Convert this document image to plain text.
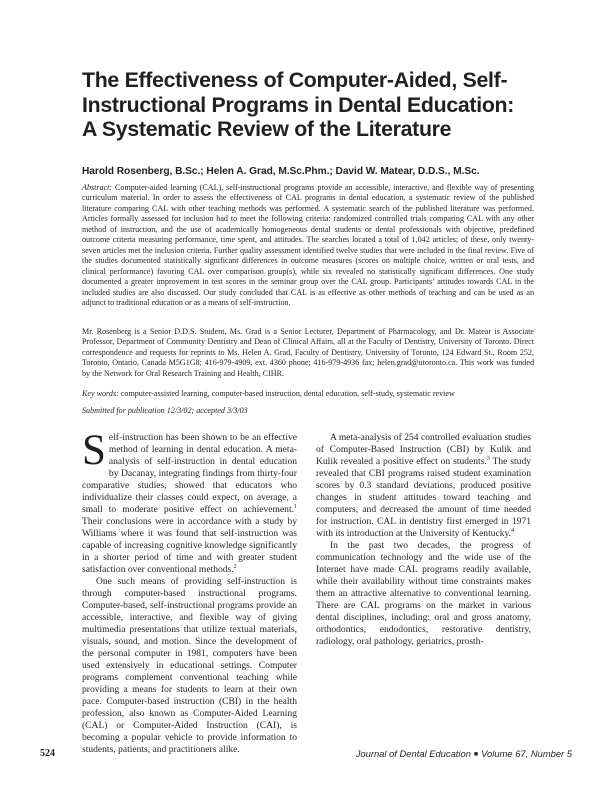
The Effectiveness of Computer-Aided, Self-
Instructional Programs in Dental Education:
A Systematic Review of the Literature

Harold Rosenberg, B.Sc.; Helen A. Grad, M.Sc.Phm.; David W. Matear, D.D.S., M.Sc.

Abstract: Computer-aided learning (CAL), self-instructional programs provide an accessible, interactive, and flexible way of presenting curriculum material. In order to assess the effectiveness of CAL programs in dental education, a systematic review of the published literature comparing CAL with other teaching methods was performed. A systematic search of the published literature was performed. Articles formally assessed for inclusion had to meet the following criteria: randomized controlled trials comparing CAL with any other method of instruction, and the use of academically homogeneous dental students or dental professionals with objective, predefined outcome criteria measuring performance, time spent, and attitudes. The searches located a total of 1,042 articles; of these, only twenty-seven articles met the inclusion criteria. Further quality assessment identified twelve studies that were included in the final review. Five of the studies documented statistically significant differences in outcome measures (scores on multiple choice, written or oral tests, and clinical performance) favoring CAL over comparison group(s), while six revealed no statistically significant differences. One study documented a greater improvement in test scores in the seminar group over the CAL group. Participants’ attitudes towards CAL in the included studies are also discussed. Our study concluded that CAL is as effective as other methods of teaching and can be used as an adjunct to traditional education or as a means of self-instruction.

Mr. Rosenberg is a Senior D.D.S. Student, Ms. Grad is a Senior Lecturer, Department of Pharmacology, and Dr. Matear is Associate Professor, Department of Community Dentistry and Dean of Clinical Affairs, all at the Faculty of Dentistry, University of Toronto. Direct correspondence and requests for reprints to Ms. Helen A. Grad, Faculty of Dentistry, University of Toronto, 124 Edward St., Room 252, Toronto, Ontario, Canada M5G1G8; 416-979-4909, ext. 4360 phone; 416-979-4936 fax; helen.grad@utoronto.ca. This work was funded by the Network for Oral Research Training and Health, CIHR.

Key words: computer-assisted learning, computer-based instruction, dental education, self-study, systematic review

Submitted for publication 12/3/02; accepted 3/3/03

Self-instruction has been shown to be an effective method of learning in dental education. A meta-analysis of self-instruction in dental education by Dacanay, integrating findings from thirty-four comparative studies, showed that educators who individualize their classes could expect, on average, a small to moderate positive effect on achievement.$^1$ Their conclusions were in accordance with a study by Williams where it was found that self-instruction was capable of increasing cognitive knowledge significantly in a shorter period of time and with greater student satisfaction over conventional methods.$^2$

One such means of providing self-instruction is through computer-based instructional programs. Computer-based, self-instructional programs provide an accessible, interactive, and flexible way of giving multimedia presentations that utilize textual materials, visuals, sound, and motion. Since the development of the personal computer in 1981, computers have been used extensively in educational settings. Computer programs complement conventional teaching while providing a means for students to learn at their own pace. Computer-based instruction (CBI) in the health profession, also known as Computer-Aided Learning (CAL) or Computer-Aided Instruction (CAI), is becoming a popular vehicle to provide information to students, patients, and practitioners alike.

A meta-analysis of 254 controlled evaluation studies of Computer-Based Instruction (CBI) by Kulik and Kulik revealed a positive effect on students.$^3$ The study revealed that CBI programs raised student examination scores by 0.3 standard deviations, produced positive changes in student attitudes toward teaching and computers, and decreased the amount of time needed for instruction. CAL in dentistry first emerged in 1971 with its introduction at the University of Kentucky.$^4$

In the past two decades, the progress of communication technology and the wide use of the Internet have made CAL programs readily available, while their availability without time constraints makes them an attractive alternative to conventional learning. There are CAL programs on the market in various dental disciplines, including: oral and gross anatomy, orthodontics, endodontics, restorative dentistry, radiology, oral pathology, geriatrics, prosth-

524	Journal of Dental Education ■ Volume 67, Number 5
